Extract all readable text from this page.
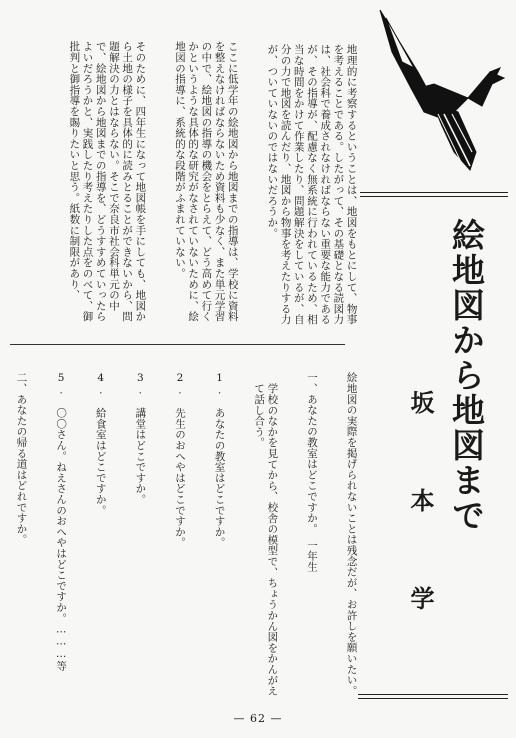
地理的に考察するということは、地図をもとにして、物事を考えることである。したがって、その基礎となる読図力は、社会科で養成されなければならない重要な能力であるが、その指導が、配慮なく無系統に行われているため、相当な時間をかけて作業したり、問題解決をしているが、自分の力で地図を読んだり、地図から物事を考えたりする力が、ついていないのではないだろうか。

ここに低学年の絵地図から地図までの指導は、学校に資料を整えなければならないため資料も少なく、また単元学習の中で、絵地図の指導の機会をとらえて、どう高めて行くかというような具体的な研究がなされていないために、絵地図の指導に、系統的な段階がふまれていない。

そのために、四年生になって地図帳を手にしても、地図から土地の様子を具体的に読みとることができないから、問題解決の力とはならない。そこで奈良市社会科単元の中で、絵地図から地図までの指導を、どうすすめていったらよいだろうかと、実践したり考えたりした点をのべて、御批判と御指導を賜りたいと思う。紙数に制限があり、

絵地図から地図まで
坂
本
学

絵地図の実際を掲げられないことは残念だが、お許しを願いたい。

一、あなたの教室はどこですか。　一年生

学校のなかを見てから、校舎の模型で、ちょうかん図をかんがえて話し合う。

1.　あなたの教室はどこですか。

2.　先生のおへやはどこですか。

3.　講堂はどこですか。

4.　給食室はどこですか。

5.　〇〇さん。ねえさんのおへやはどこですか。………等

二、あなたの帰る道はどれですか。

— 62 —
